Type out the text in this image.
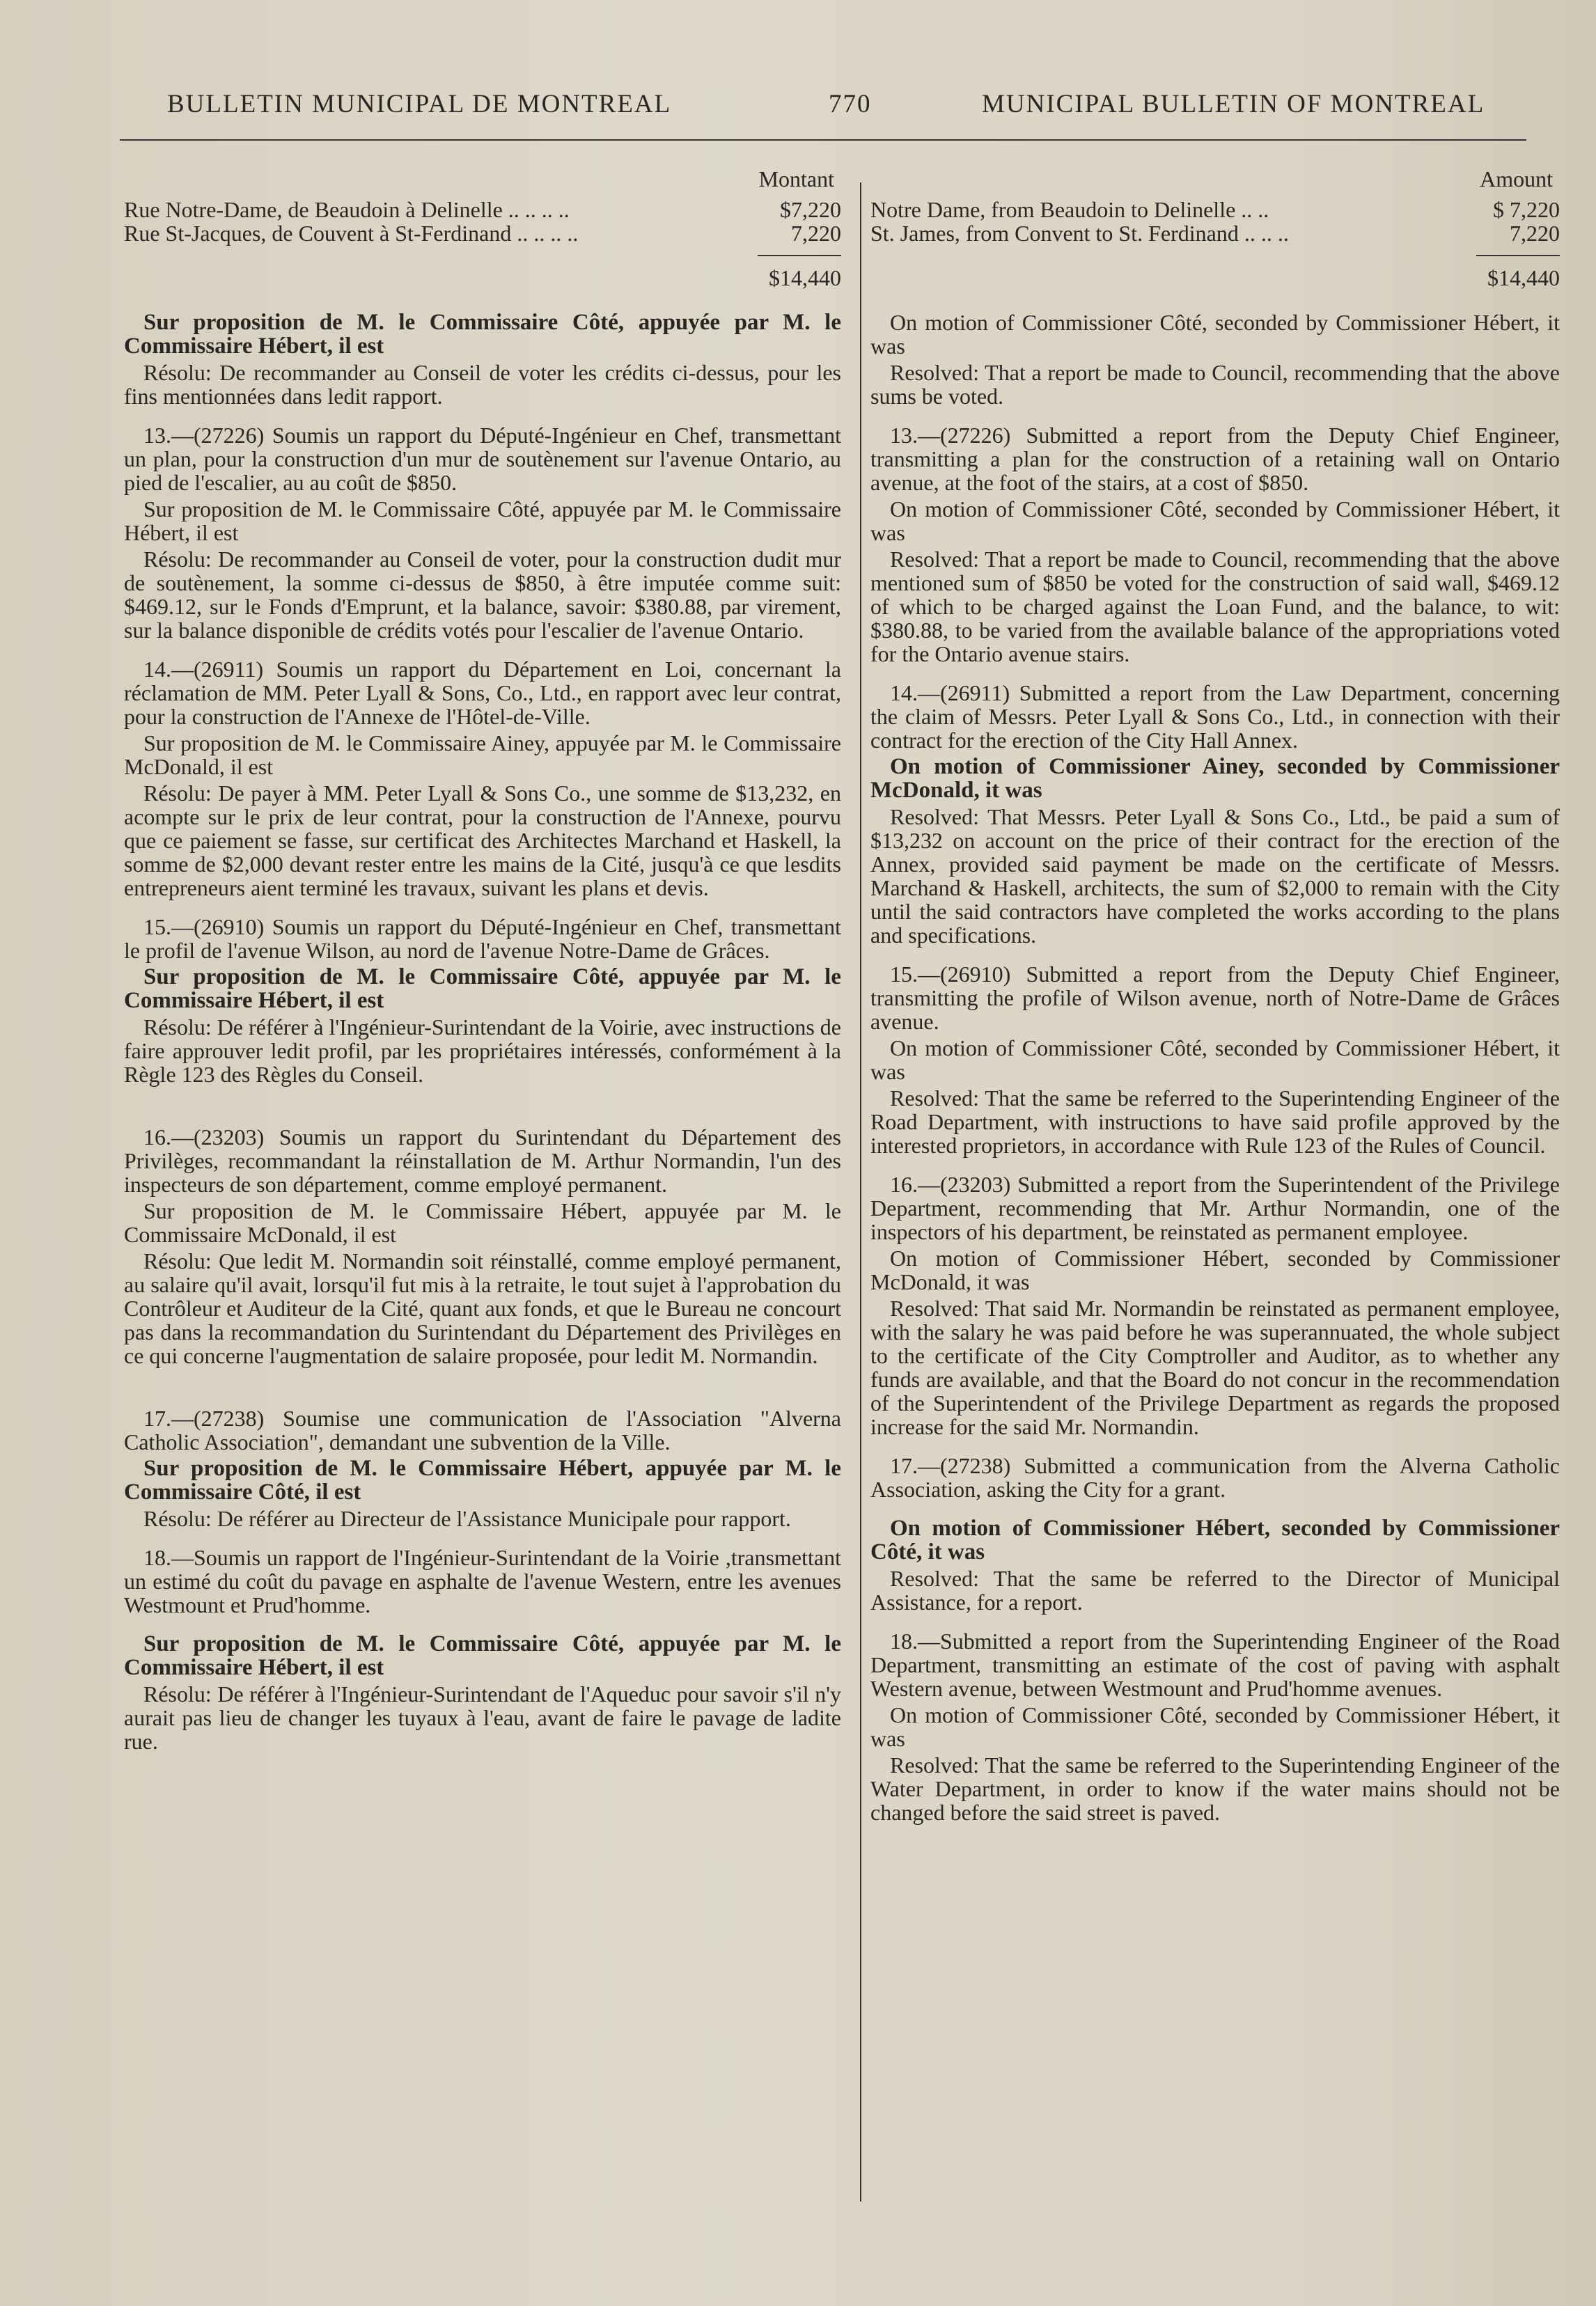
BULLETIN MUNICIPAL DE MONTREAL	770	MUNICIPAL BULLETIN OF MONTREAL
Montant
Rue Notre-Dame, de Beaudoin à Delinelle .. .. .. ..	$7,220
Rue St-Jacques, de Couvent à St-Ferdinand .. .. .. ..	7,220
$14,440

Sur proposition de M. le Commissaire Côté, appuyée par M. le Commissaire Hébert, il est

Résolu: De recommander au Conseil de voter les crédits ci-dessus, pour les fins mentionnées dans ledit rapport.

13.—(27226) Soumis un rapport du Député-Ingénieur en Chef, transmettant un plan, pour la construction d'un mur de soutènement sur l'avenue Ontario, au pied de l'escalier, au au coût de $850.

Sur proposition de M. le Commissaire Côté, appuyée par M. le Commissaire Hébert, il est

Résolu: De recommander au Conseil de voter, pour la construction dudit mur de soutènement, la somme ci-dessus de $850, à être imputée comme suit: $469.12, sur le Fonds d'Emprunt, et la balance, savoir: $380.88, par virement, sur la balance disponible de crédits votés pour l'escalier de l'avenue Ontario.

14.—(26911) Soumis un rapport du Département en Loi, concernant la réclamation de MM. Peter Lyall & Sons, Co., Ltd., en rapport avec leur contrat, pour la construction de l'Annexe de l'Hôtel-de-Ville.

Sur proposition de M. le Commissaire Ainey, appuyée par M. le Commissaire McDonald, il est

Résolu: De payer à MM. Peter Lyall & Sons Co., une somme de $13,232, en acompte sur le prix de leur contrat, pour la construction de l'Annexe, pourvu que ce paiement se fasse, sur certificat des Architectes Marchand et Haskell, la somme de $2,000 devant rester entre les mains de la Cité, jusqu'à ce que lesdits entrepreneurs aient terminé les travaux, suivant les plans et devis.

15.—(26910) Soumis un rapport du Député-Ingénieur en Chef, transmettant le profil de l'avenue Wilson, au nord de l'avenue Notre-Dame de Grâces.

Sur proposition de M. le Commissaire Côté, appuyée par M. le Commissaire Hébert, il est

Résolu: De référer à l'Ingénieur-Surintendant de la Voirie, avec instructions de faire approuver ledit profil, par les propriétaires intéressés, conformément à la Règle 123 des Règles du Conseil.

16.—(23203) Soumis un rapport du Surintendant du Département des Privilèges, recommandant la réinstallation de M. Arthur Normandin, l'un des inspecteurs de son département, comme employé permanent.

Sur proposition de M. le Commissaire Hébert, appuyée par M. le Commissaire McDonald, il est

Résolu: Que ledit M. Normandin soit réinstallé, comme employé permanent, au salaire qu'il avait, lorsqu'il fut mis à la retraite, le tout sujet à l'approbation du Contrôleur et Auditeur de la Cité, quant aux fonds, et que le Bureau ne concourt pas dans la recommandation du Surintendant du Département des Privilèges en ce qui concerne l'augmentation de salaire proposée, pour ledit M. Normandin.

17.—(27238) Soumise une communication de l'Association "Alverna Catholic Association", demandant une subvention de la Ville.

Sur proposition de M. le Commissaire Hébert, appuyée par M. le Commissaire Côté, il est

Résolu: De référer au Directeur de l'Assistance Municipale pour rapport.

18.—Soumis un rapport de l'Ingénieur-Surintendant de la Voirie ,transmettant un estimé du coût du pavage en asphalte de l'avenue Western, entre les avenues Westmount et Prud'homme.

Sur proposition de M. le Commissaire Côté, appuyée par M. le Commissaire Hébert, il est

Résolu: De référer à l'Ingénieur-Surintendant de l'Aqueduc pour savoir s'il n'y aurait pas lieu de changer les tuyaux à l'eau, avant de faire le pavage de ladite rue.

Amount
Notre Dame, from Beaudoin to Delinelle .. ..	$ 7,220
St. James, from Convent to St. Ferdinand .. .. ..	7,220
$14,440

On motion of Commissioner Côté, seconded by Commissioner Hébert, it was

Resolved: That a report be made to Council, recommending that the above sums be voted.

13.—(27226) Submitted a report from the Deputy Chief Engineer, transmitting a plan for the construction of a retaining wall on Ontario avenue, at the foot of the stairs, at a cost of $850.

On motion of Commissioner Côté, seconded by Commissioner Hébert, it was

Resolved: That a report be made to Council, recommending that the above mentioned sum of $850 be voted for the construction of said wall, $469.12 of which to be charged against the Loan Fund, and the balance, to wit: $380.88, to be varied from the available balance of the appropriations voted for the Ontario avenue stairs.

14.—(26911) Submitted a report from the Law Department, concerning the claim of Messrs. Peter Lyall & Sons Co., Ltd., in connection with their contract for the erection of the City Hall Annex.

On motion of Commissioner Ainey, seconded by Commissioner McDonald, it was

Resolved: That Messrs. Peter Lyall & Sons Co., Ltd., be paid a sum of $13,232 on account on the price of their contract for the erection of the Annex, provided said payment be made on the certificate of Messrs. Marchand & Haskell, architects, the sum of $2,000 to remain with the City until the said contractors have completed the works according to the plans and specifications.

15.—(26910) Submitted a report from the Deputy Chief Engineer, transmitting the profile of Wilson avenue, north of Notre-Dame de Grâces avenue.

On motion of Commissioner Côté, seconded by Commissioner Hébert, it was

Resolved: That the same be referred to the Superintending Engineer of the Road Department, with instructions to have said profile approved by the interested proprietors, in accordance with Rule 123 of the Rules of Council.

16.—(23203) Submitted a report from the Superintendent of the Privilege Department, recommending that Mr. Arthur Normandin, one of the inspectors of his department, be reinstated as permanent employee.

On motion of Commissioner Hébert, seconded by Commissioner McDonald, it was

Resolved: That said Mr. Normandin be reinstated as permanent employee, with the salary he was paid before he was superannuated, the whole subject to the certificate of the City Comptroller and Auditor, as to whether any funds are available, and that the Board do not concur in the recommendation of the Superintendent of the Privilege Department as regards the proposed increase for the said Mr. Normandin.

17.—(27238) Submitted a communication from the Alverna Catholic Association, asking the City for a grant.

On motion of Commissioner Hébert, seconded by Commissioner Côté, it was

Resolved: That the same be referred to the Director of Municipal Assistance, for a report.

18.—Submitted a report from the Superintending Engineer of the Road Department, transmitting an estimate of the cost of paving with asphalt Western avenue, between Westmount and Prud'homme avenues.

On motion of Commissioner Côté, seconded by Commissioner Hébert, it was

Resolved: That the same be referred to the Superintending Engineer of the Water Department, in order to know if the water mains should not be changed before the said street is paved.
